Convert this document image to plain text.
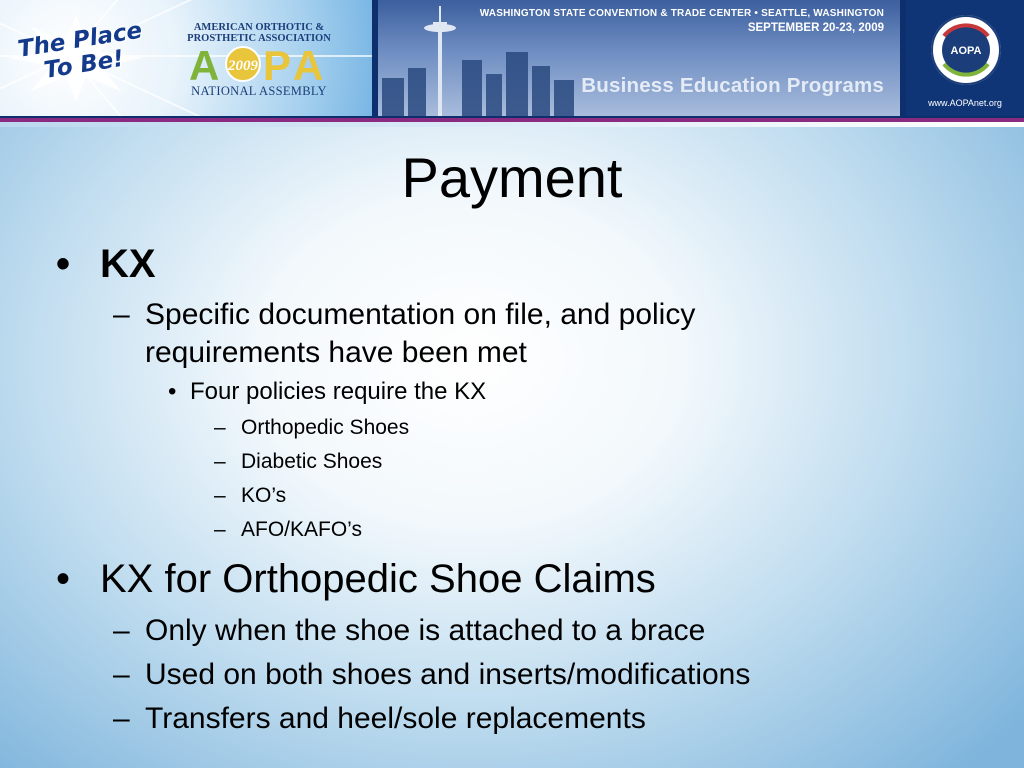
The Place To Be!
AMERICAN ORTHOTIC & PROSTHETIC ASSOCIATION
A 2009 P A
NATIONAL ASSEMBLY
WASHINGTON STATE CONVENTION & TRADE CENTER • SEATTLE, WASHINGTON
SEPTEMBER 20-23, 2009
Business Education Programs
AOPA
www.AOPAnet.org
Payment
• KX
– Specific documentation on file, and policy
requirements have been met
• Four policies require the KX
– Orthopedic Shoes
– Diabetic Shoes
– KO’s
– AFO/KAFO’s
• KX for Orthopedic Shoe Claims
– Only when the shoe is attached to a brace
– Used on both shoes and inserts/modifications
– Transfers and heel/sole replacements
